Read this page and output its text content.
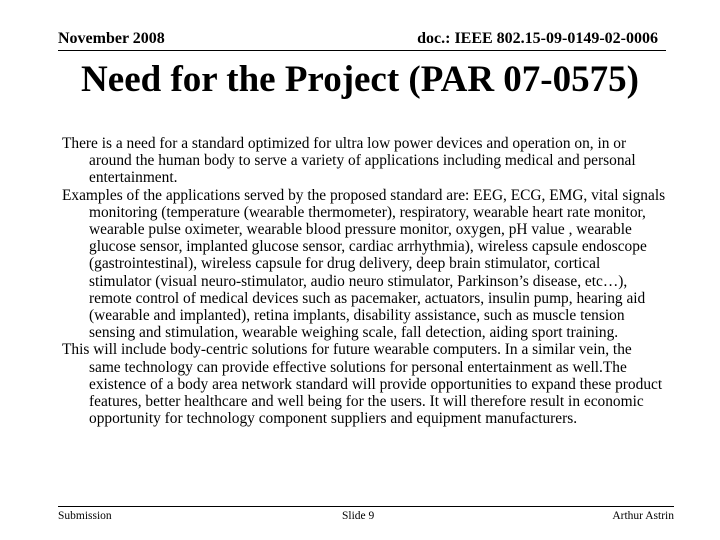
November 2008	doc.: IEEE 802.15-09-0149-02-0006
Need for the Project (PAR 07-0575)

There is a need for a standard optimized for ultra low power devices and operation on, in or around the human body to serve a variety of applications including medical and personal entertainment.

Examples of the applications served by the proposed standard are: EEG, ECG, EMG, vital signals monitoring (temperature (wearable thermometer), respiratory, wearable heart rate monitor, wearable pulse oximeter, wearable blood pressure monitor, oxygen, pH value , wearable glucose sensor, implanted glucose sensor, cardiac arrhythmia), wireless capsule endoscope (gastrointestinal), wireless capsule for drug delivery, deep brain stimulator, cortical stimulator (visual neuro-stimulator, audio neuro stimulator, Parkinson’s disease, etc…), remote control of medical devices such as pacemaker, actuators, insulin pump, hearing aid (wearable and implanted), retina implants, disability assistance, such as muscle tension sensing and stimulation, wearable weighing scale, fall detection, aiding sport training.

This will include body-centric solutions for future wearable computers. In a similar vein, the same technology can provide effective solutions for personal entertainment as well.The existence of a body area network standard will provide opportunities to expand these product features, better healthcare and well being for the users. It will therefore result in economic opportunity for technology component suppliers and equipment manufacturers.

Submission	Slide 9	Arthur Astrin
